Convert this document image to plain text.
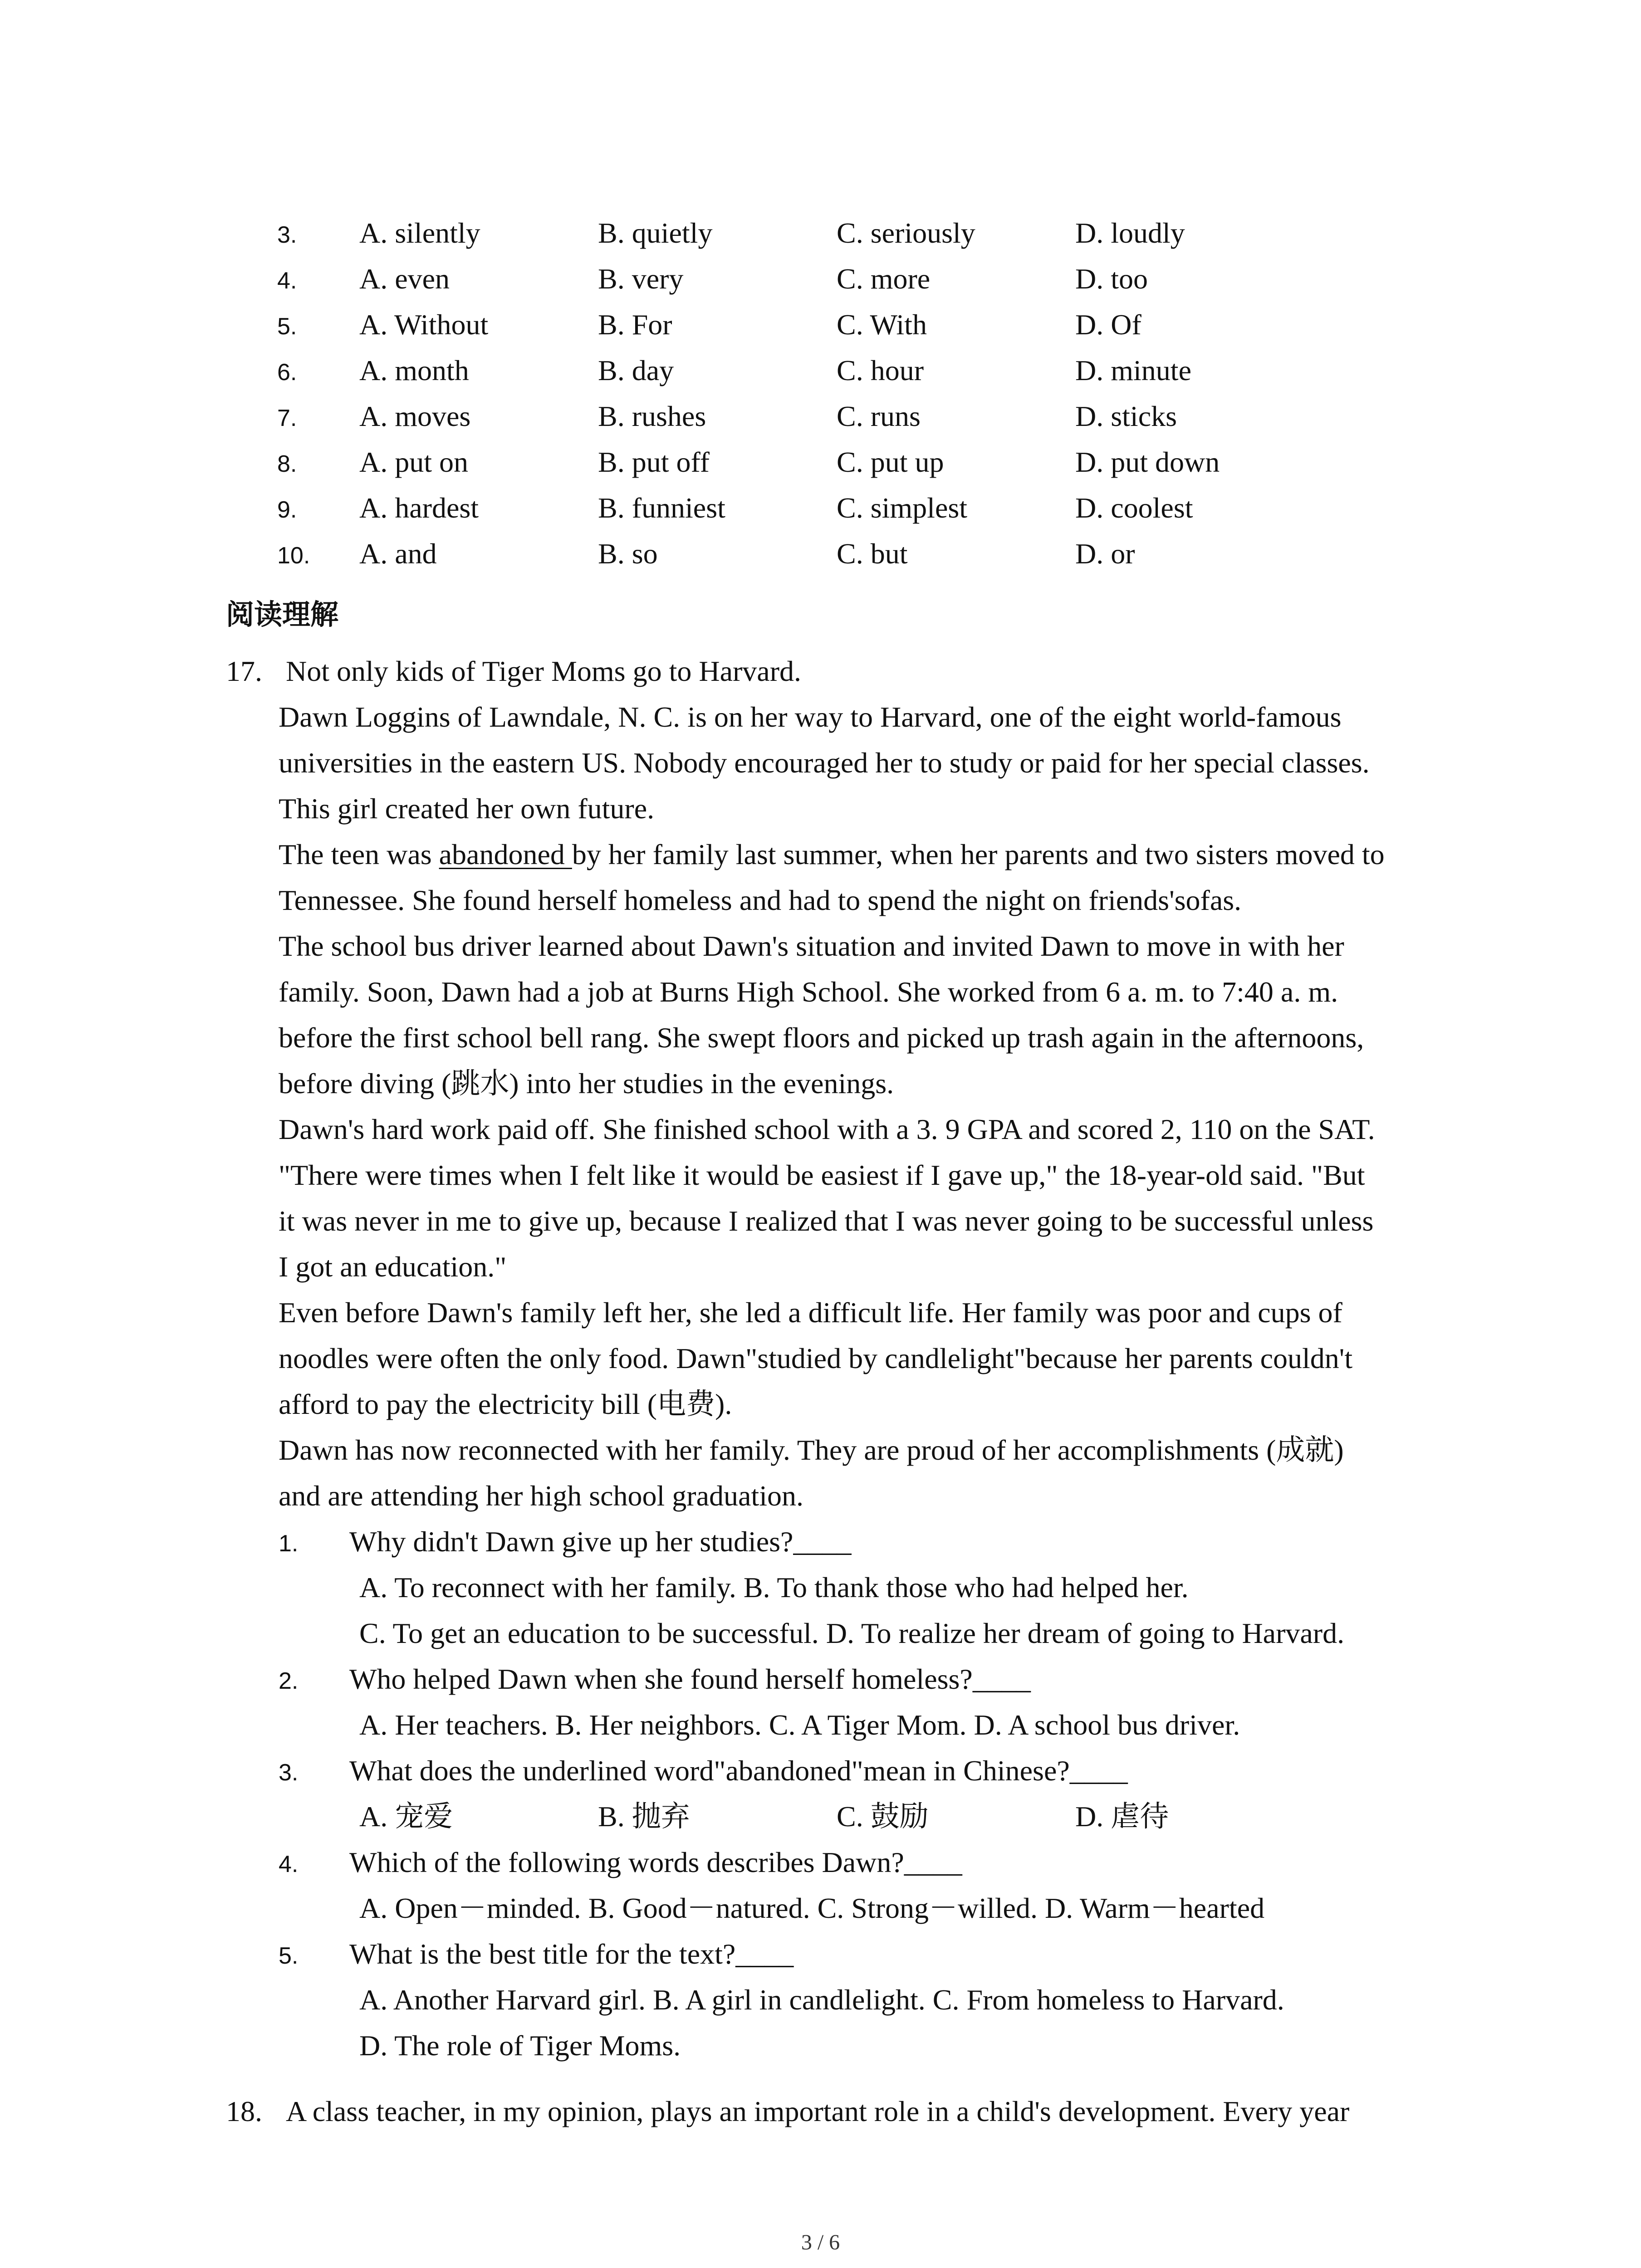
3. A. silently	B. quietly	C. seriously	D. loudly
4. A. even	B. very	C. more	D. too
5. A. Without	B. For	C. With	D. Of
6. A. month	B. day	C. hour	D. minute
7. A. moves	B. rushes	C. runs	D. sticks
8. A. put on	B. put off	C. put up	D. put down
9. A. hardest	B. funniest	C. simplest	D. coolest
10. A. and	B. so	C. but	D. or
阅读理解
17. Not only kids of Tiger Moms go to Harvard.
Dawn Loggins of Lawndale, N. C. is on her way to Harvard, one of the eight world-famous
universities in the eastern US. Nobody encouraged her to study or paid for her special classes.
This girl created her own future.
The teen was abandoned by her family last summer, when her parents and two sisters moved to
Tennessee. She found herself homeless and had to spend the night on friends'sofas.
The school bus driver learned about Dawn's situation and invited Dawn to move in with her
family. Soon, Dawn had a job at Burns High School. She worked from 6 a. m. to 7:40 a. m.
before the first school bell rang. She swept floors and picked up trash again in the afternoons,
before diving (跳水) into her studies in the evenings.
Dawn's hard work paid off. She finished school with a 3. 9 GPA and scored 2, 110 on the SAT.
"There were times when I felt like it would be easiest if I gave up," the 18-year-old said. "But
it was never in me to give up, because I realized that I was never going to be successful unless
I got an education."
Even before Dawn's family left her, she led a difficult life. Her family was poor and cups of
noodles were often the only food. Dawn"studied by candlelight"because her parents couldn't
afford to pay the electricity bill (电费).
Dawn has now reconnected with her family. They are proud of her accomplishments (成就)
and are attending her high school graduation.
1. Why didn't Dawn give up her studies?____
A. To reconnect with her family. B. To thank those who had helped her.
C. To get an education to be successful. D. To realize her dream of going to Harvard.
2. Who helped Dawn when she found herself homeless?____
A. Her teachers. B. Her neighbors. C. A Tiger Mom. D. A school bus driver.
3. What does the underlined word"abandoned"mean in Chinese?____
A. 宠爱	B. 抛弃	C. 鼓励	D. 虐待
4. Which of the following words describes Dawn?____
A. Open－minded. B. Good－natured. C. Strong－willed. D. Warm－hearted
5. What is the best title for the text?____
A. Another Harvard girl. B. A girl in candlelight. C. From homeless to Harvard.
D. The role of Tiger Moms.
18. A class teacher, in my opinion, plays an important role in a child's development. Every year
3 / 6
